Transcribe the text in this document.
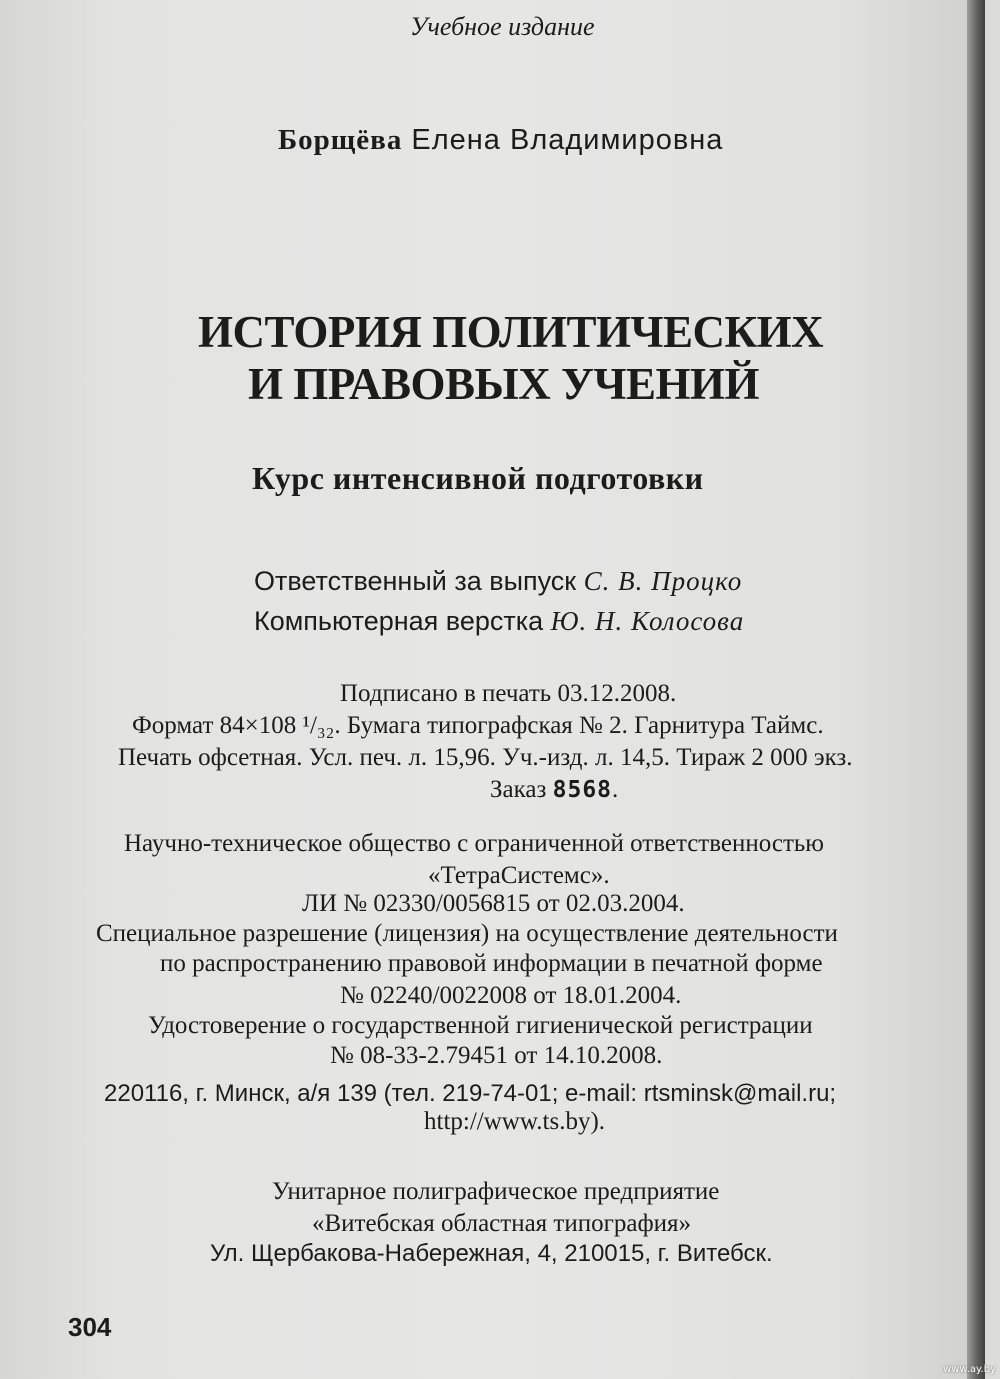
Учебное издание
Борщёва Елена Владимировна
ИСТОРИЯ ПОЛИТИЧЕСКИХ
И ПРАВОВЫХ УЧЕНИЙ
Курс интенсивной подготовки
Ответственный за выпуск С. В. Процко
Компьютерная верстка Ю. Н. Колосова
Подписано в печать 03.12.2008.
Формат 84×108 ¹/₃₂. Бумага типографская № 2. Гарнитура Таймс.
Печать офсетная. Усл. печ. л. 15,96. Уч.-изд. л. 14,5. Тираж 2 000 экз.
Заказ 8568.
Научно-техническое общество с ограниченной ответственностью
«ТетраСистемс».
ЛИ № 02330/0056815 от 02.03.2004.
Специальное разрешение (лицензия) на осуществление деятельности
по распространению правовой информации в печатной форме
№ 02240/0022008 от 18.01.2004.
Удостоверение о государственной гигиенической регистрации
№ 08-33-2.79451 от 14.10.2008.
220116, г. Минск, а/я 139 (тел. 219-74-01; e-mail: rtsminsk@mail.ru;
http://www.ts.by).
Унитарное полиграфическое предприятие
«Витебская областная типография»
Ул. Щербакова-Набережная, 4, 210015, г. Витебск.
304
www.ay.by
